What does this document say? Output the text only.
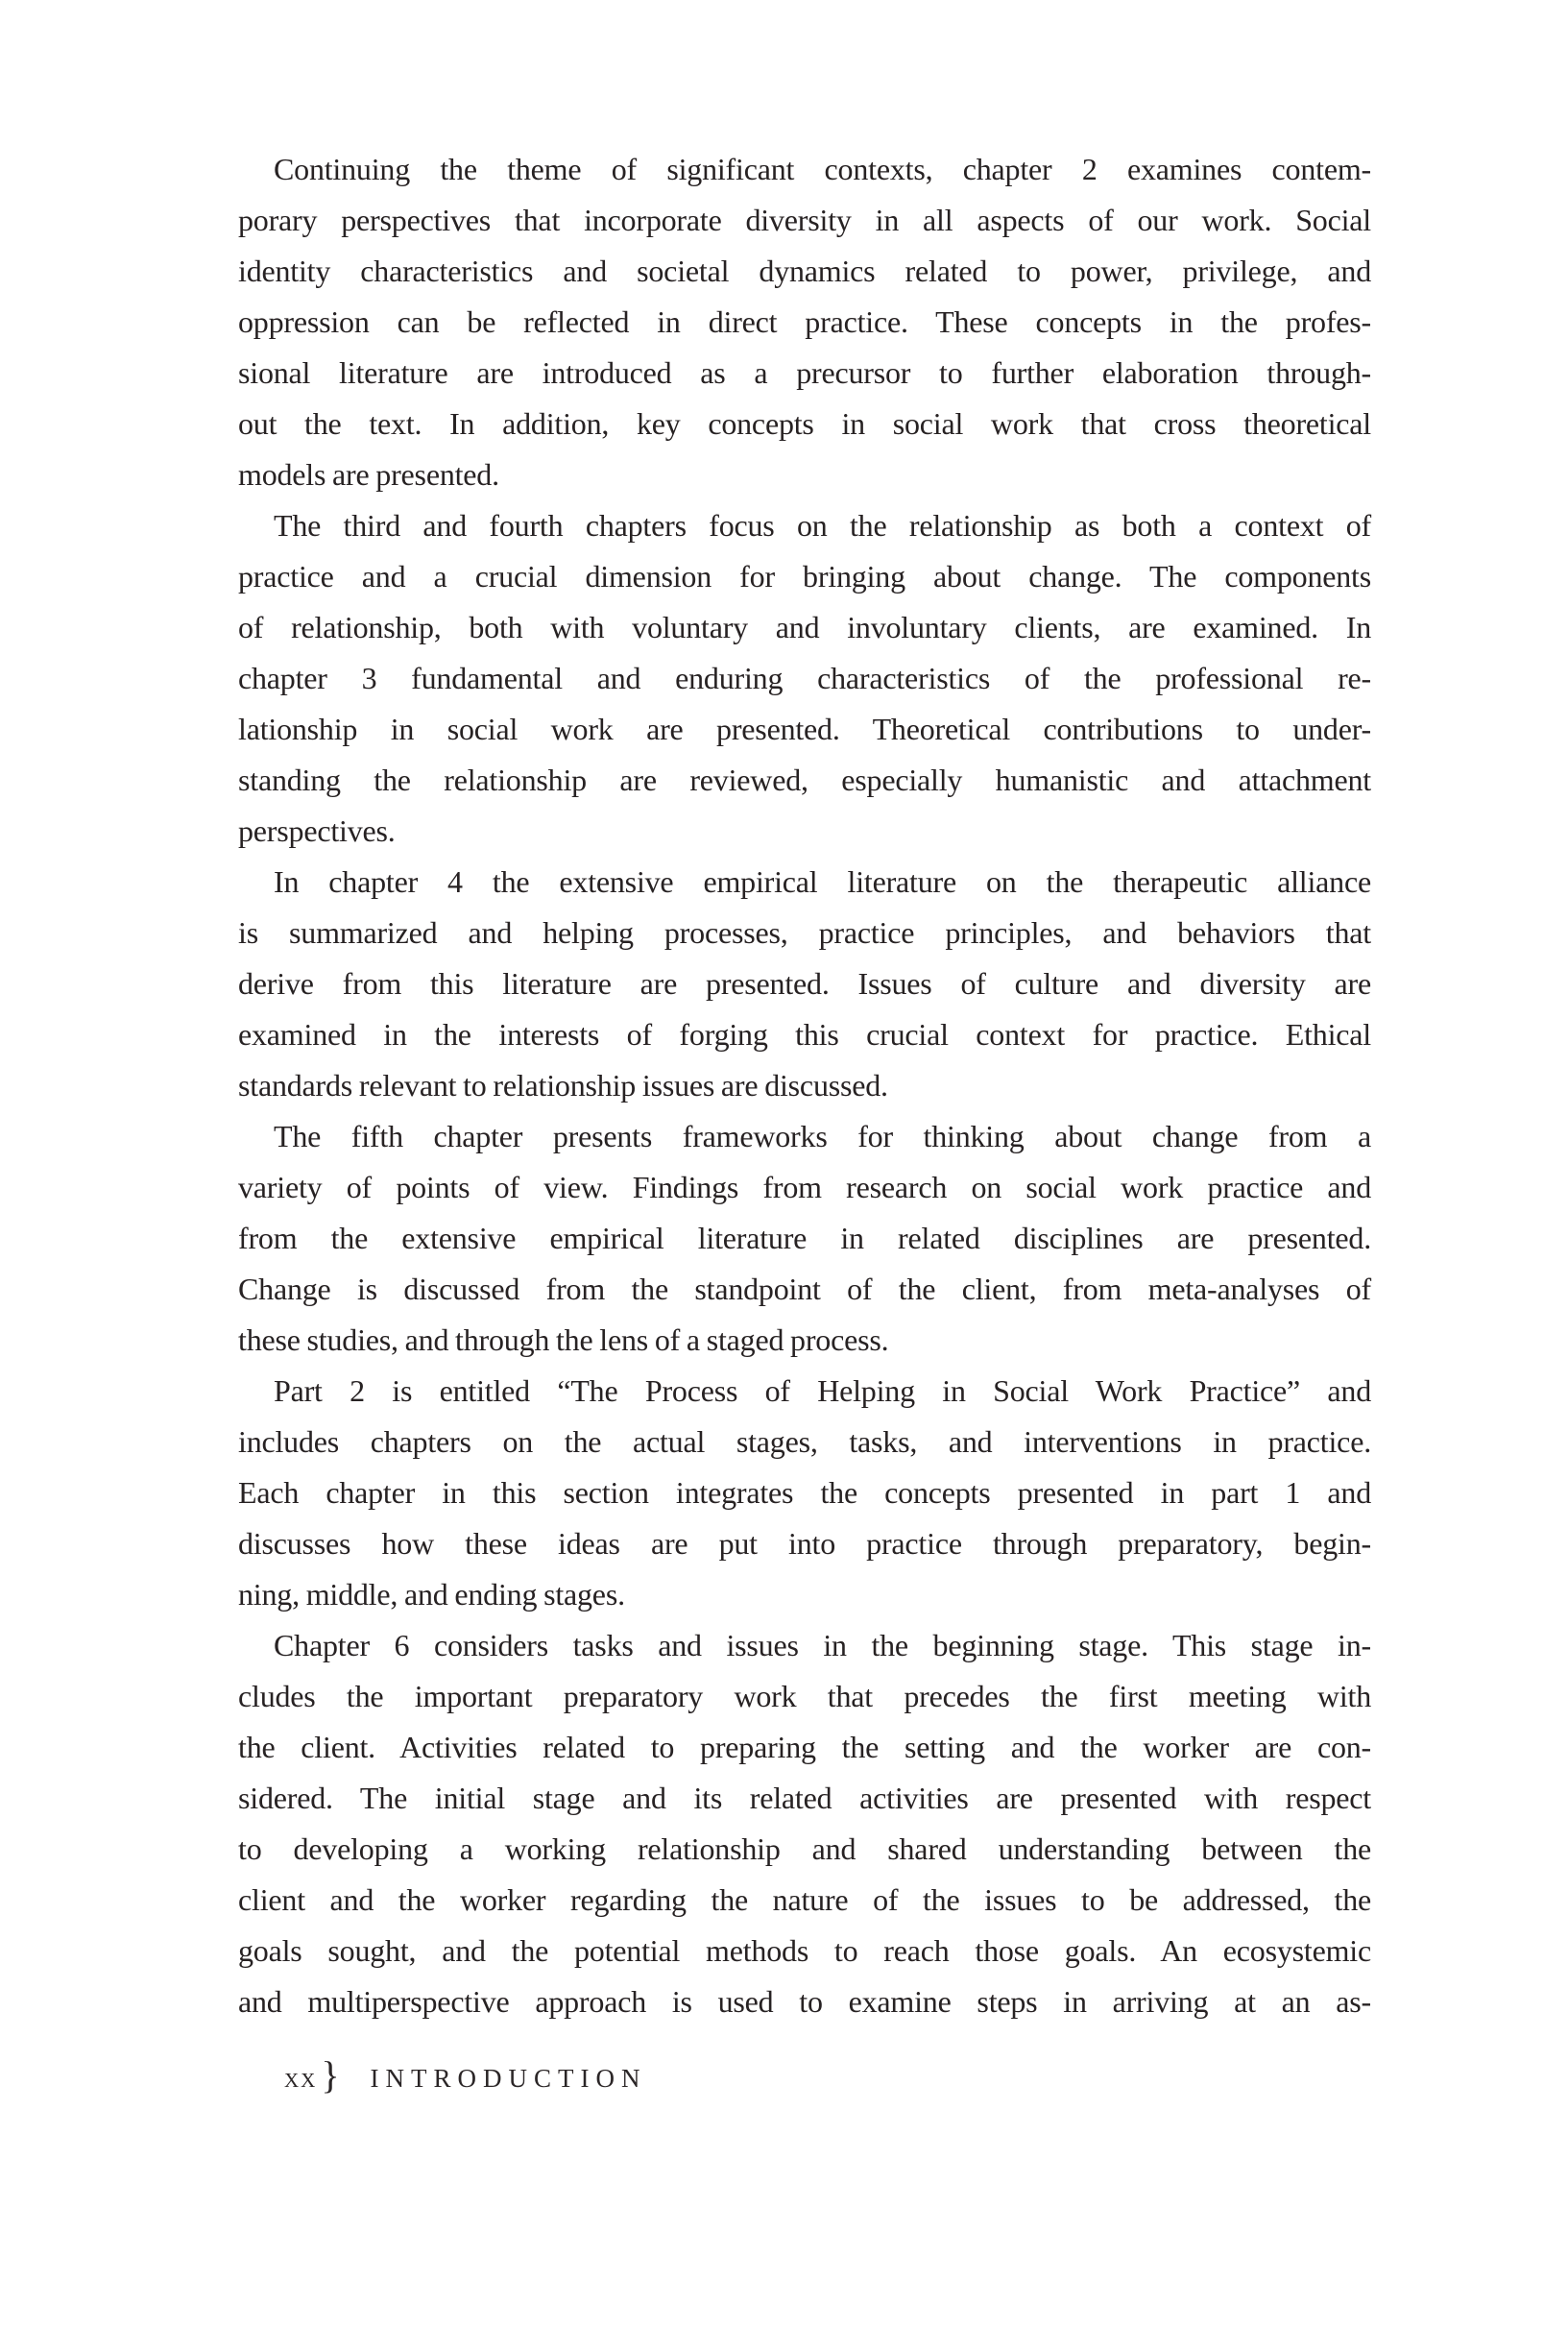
Continuing the theme of significant contexts, chapter 2 examines contem-
porary perspectives that incorporate diversity in all aspects of our work. Social
identity characteristics and societal dynamics related to power, privilege, and
oppression can be reflected in direct practice. These concepts in the profes-
sional literature are introduced as a precursor to further elaboration through-
out the text. In addition, key concepts in social work that cross theoretical
models are presented.
The third and fourth chapters focus on the relationship as both a context of
practice and a crucial dimension for bringing about change. The components
of relationship, both with voluntary and involuntary clients, are examined. In
chapter 3 fundamental and enduring characteristics of the professional re-
lationship in social work are presented. Theoretical contributions to under-
standing the relationship are reviewed, especially humanistic and attachment
perspectives.
In chapter 4 the extensive empirical literature on the therapeutic alliance
is summarized and helping processes, practice principles, and behaviors that
derive from this literature are presented. Issues of culture and diversity are
examined in the interests of forging this crucial context for practice. Ethical
standards relevant to relationship issues are discussed.
The fifth chapter presents frameworks for thinking about change from a
variety of points of view. Findings from research on social work practice and
from the extensive empirical literature in related disciplines are presented.
Change is discussed from the standpoint of the client, from meta-analyses of
these studies, and through the lens of a staged process.
Part 2 is entitled “The Process of Helping in Social Work Practice” and
includes chapters on the actual stages, tasks, and interventions in practice.
Each chapter in this section integrates the concepts presented in part 1 and
discusses how these ideas are put into practice through preparatory, begin-
ning, middle, and ending stages.
Chapter 6 considers tasks and issues in the beginning stage. This stage in-
cludes the important preparatory work that precedes the first meeting with
the client. Activities related to preparing the setting and the worker are con-
sidered. The initial stage and its related activities are presented with respect
to developing a working relationship and shared understanding between the
client and the worker regarding the nature of the issues to be addressed, the
goals sought, and the potential methods to reach those goals. An ecosystemic
and multiperspective approach is used to examine steps in arriving at an as-
xx } INTRODUCTION
